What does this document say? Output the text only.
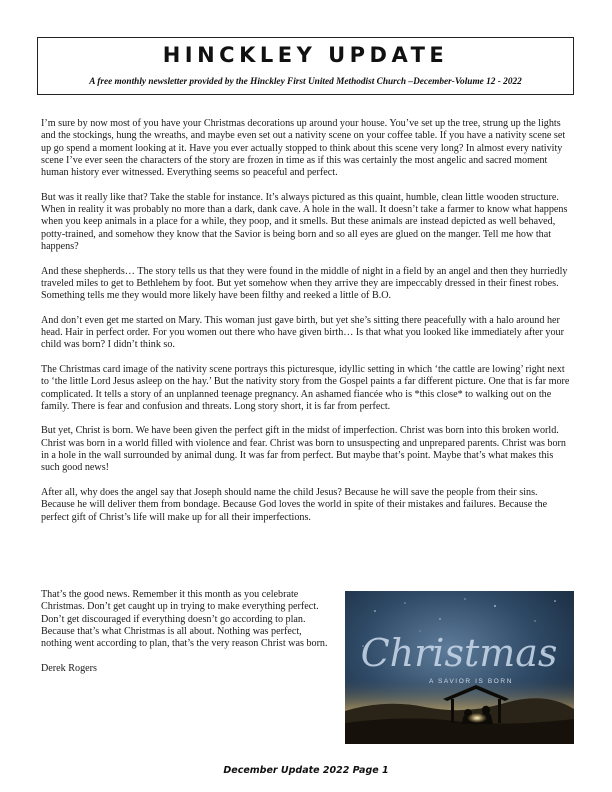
HINCKLEY UPDATE
A free monthly newsletter provided by the Hinckley First United Methodist Church –December-Volume 12 - 2022

I’m sure by now most of you have your Christmas decorations up around your house. You’ve set up the tree, strung up the lights and the stockings, hung the wreaths, and maybe even set out a nativity scene on your coffee table. If you have a nativity scene set up go spend a moment looking at it. Have you ever actually stopped to think about this scene very long? In almost every nativity scene I’ve ever seen the characters of the story are frozen in time as if this was certainly the most angelic and sacred moment human history ever witnessed. Everything seems so peaceful and perfect.

But was it really like that? Take the stable for instance. It’s always pictured as this quaint, humble, clean little wooden structure. When in reality it was probably no more than a dark, dank cave. A hole in the wall. It doesn’t take a farmer to know what happens when you keep animals in a place for a while, they poop, and it smells. But these animals are instead depicted as well behaved, potty-trained, and somehow they know that the Savior is being born and so all eyes are glued on the manger. Tell me how that happens?

And these shepherds… The story tells us that they were found in the middle of night in a field by an angel and then they hurriedly traveled miles to get to Bethlehem by foot. But yet somehow when they arrive they are impeccably dressed in their finest robes. Something tells me they would more likely have been filthy and reeked a little of B.O.

And don’t even get me started on Mary. This woman just gave birth, but yet she’s sitting there peacefully with a halo around her head. Hair in perfect order. For you women out there who have given birth… Is that what you looked like immediately after your child was born? I didn’t think so.

The Christmas card image of the nativity scene portrays this picturesque, idyllic setting in which ‘the cattle are lowing’ right next to ‘the little Lord Jesus asleep on the hay.’ But the nativity story from the Gospel paints a far different picture. One that is far more complicated. It tells a story of an unplanned teenage pregnancy. An ashamed fiancée who is *this close* to walking out on the family. There is fear and confusion and threats. Long story short, it is far from perfect.

But yet, Christ is born. We have been given the perfect gift in the midst of imperfection. Christ was born into this broken world. Christ was born in a world filled with violence and fear. Christ was born to unsuspecting and unprepared parents. Christ was born in a hole in the wall surrounded by animal dung. It was far from perfect. But maybe that’s point. Maybe that’s what makes this such good news!

After all, why does the angel say that Joseph should name the child Jesus? Because he will save the people from their sins. Because he will deliver them from bondage. Because God loves the world in spite of their mistakes and failures. Because the perfect gift of Christ’s life will make up for all their imperfections.

That’s the good news. Remember it this month as you celebrate Christmas. Don’t get caught up in trying to make everything perfect. Don’t get discouraged if everything doesn’t go according to plan. Because that’s what Christmas is all about. Nothing was perfect, nothing went according to plan, that’s the very reason Christ was born.

Derek Rogers	Christmas
A SAVIOR IS BORN
December Update 2022 Page 1
